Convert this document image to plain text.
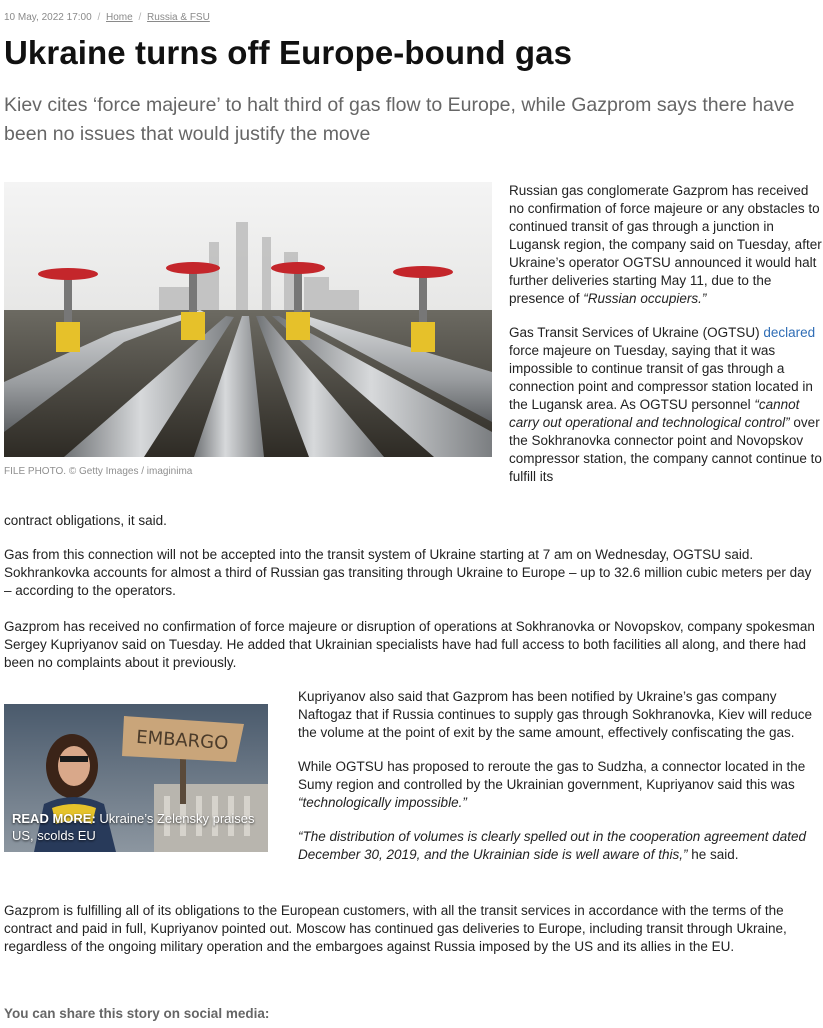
10 May, 2022 17:00 / Home / Russia & FSU
Ukraine turns off Europe-bound gas

Kiev cites ‘force majeure’ to halt third of gas flow to Europe, while Gazprom says there have been no issues that would justify the move

FILE PHOTO. © Getty Images / imaginima

Russian gas conglomerate Gazprom has received no confirmation of force majeure or any obstacles to continued transit of gas through a junction in Lugansk region, the company said on Tuesday, after Ukraine’s operator OGTSU announced it would halt further deliveries starting May 11, due to the presence of “Russian occupiers.”

Gas Transit Services of Ukraine (OGTSU) declared force majeure on Tuesday, saying that it was impossible to continue transit of gas through a connection point and compressor station located in the Lugansk area. As OGTSU personnel “cannot carry out operational and technological control” over the Sokhranovka connector point and Novopskov compressor station, the company cannot continue to fulfill its

contract obligations, it said.

Gas from this connection will not be accepted into the transit system of Ukraine starting at 7 am on Wednesday, OGTSU said. Sokhrankovka accounts for almost a third of Russian gas transiting through Ukraine to Europe – up to 32.6 million cubic meters per day – according to the operators.

Gazprom has received no confirmation of force majeure or disruption of operations at Sokhranovka or Novopskov, company spokesman Sergey Kupriyanov said on Tuesday. He added that Ukrainian specialists have had full access to both facilities all along, and there had been no complaints about it previously.

EMBARGO
READ MORE: Ukraine’s Zelensky praises US, scolds EU

Kupriyanov also said that Gazprom has been notified by Ukraine’s gas company Naftogaz that if Russia continues to supply gas through Sokhranovka, Kiev will reduce the volume at the point of exit by the same amount, effectively confiscating the gas.

While OGTSU has proposed to reroute the gas to Sudzha, a connector located in the Sumy region and controlled by the Ukrainian government, Kupriyanov said this was “technologically impossible.”

“The distribution of volumes is clearly spelled out in the cooperation agreement dated December 30, 2019, and the Ukrainian side is well aware of this,” he said.

Gazprom is fulfilling all of its obligations to the European customers, with all the transit services in accordance with the terms of the contract and paid in full, Kupriyanov pointed out. Moscow has continued gas deliveries to Europe, including transit through Ukraine, regardless of the ongoing military operation and the embargoes against Russia imposed by the US and its allies in the EU.

You can share this story on social media:
